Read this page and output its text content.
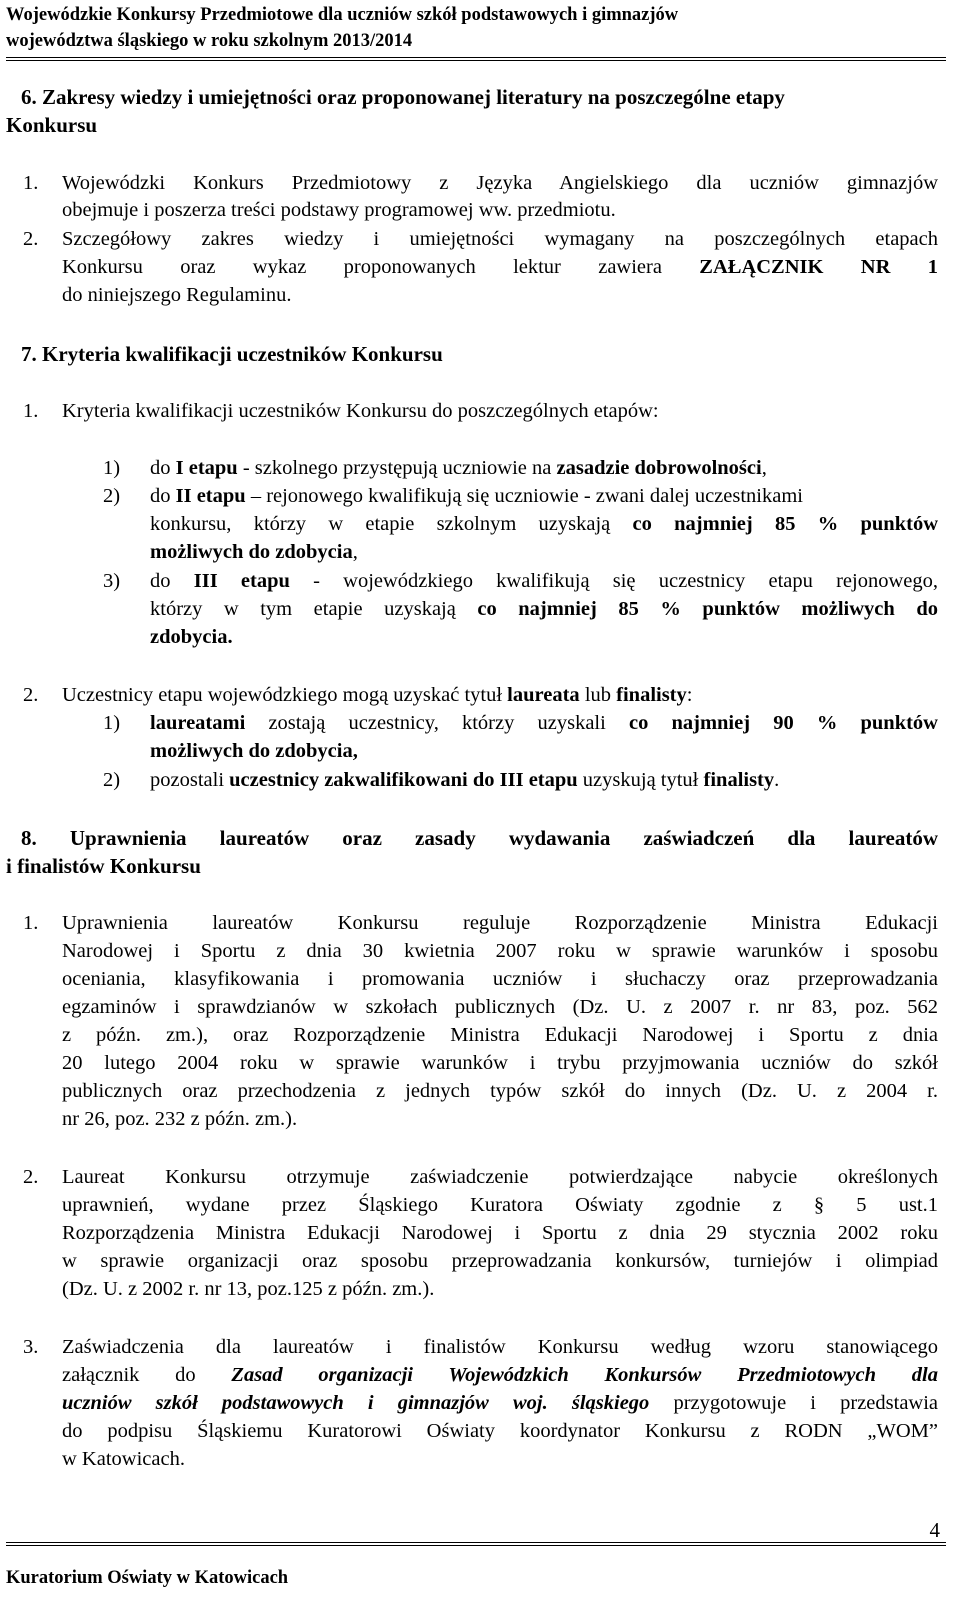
Wojewódzkie Konkursy Przedmiotowe dla uczniów szkół podstawowych i gimnazjów
województwa śląskiego w roku szkolnym 2013/2014
6. Zakresy wiedzy i umiejętności oraz proponowanej literatury na poszczególne etapy
Konkursu
1. Wojewódzki Konkurs Przedmiotowy z Języka Angielskiego dla uczniów gimnazjów
obejmuje i poszerza treści podstawy programowej ww. przedmiotu.
2. Szczegółowy zakres wiedzy i umiejętności wymagany na poszczególnych etapach
Konkursu oraz wykaz proponowanych lektur zawiera ZAŁĄCZNIK NR 1
do niniejszego Regulaminu.
7. Kryteria kwalifikacji uczestników Konkursu
1. Kryteria kwalifikacji uczestników Konkursu do poszczególnych etapów:
1) do I etapu - szkolnego przystępują uczniowie na zasadzie dobrowolności,
2) do II etapu – rejonowego kwalifikują się uczniowie - zwani dalej uczestnikami
konkursu, którzy w etapie szkolnym uzyskają co najmniej 85 % punktów
możliwych do zdobycia,
3) do III etapu - wojewódzkiego kwalifikują się uczestnicy etapu rejonowego,
którzy w tym etapie uzyskają co najmniej 85 % punktów możliwych do
zdobycia.
2. Uczestnicy etapu wojewódzkiego mogą uzyskać tytuł laureata lub finalisty:
1) laureatami zostają uczestnicy, którzy uzyskali co najmniej 90 % punktów
możliwych do zdobycia,
2) pozostali uczestnicy zakwalifikowani do III etapu uzyskują tytuł finalisty.
8. Uprawnienia laureatów oraz zasady wydawania zaświadczeń dla laureatów
i finalistów Konkursu
1. Uprawnienia laureatów Konkursu reguluje Rozporządzenie Ministra Edukacji
Narodowej i Sportu z dnia 30 kwietnia 2007 roku w sprawie warunków i sposobu
oceniania, klasyfikowania i promowania uczniów i słuchaczy oraz przeprowadzania
egzaminów i sprawdzianów w szkołach publicznych (Dz. U. z 2007 r. nr 83, poz. 562
z późn. zm.), oraz Rozporządzenie Ministra Edukacji Narodowej i Sportu z dnia
20 lutego 2004 roku w sprawie warunków i trybu przyjmowania uczniów do szkół
publicznych oraz przechodzenia z jednych typów szkół do innych (Dz. U. z 2004 r.
nr 26, poz. 232 z późn. zm.).
2. Laureat Konkursu otrzymuje zaświadczenie potwierdzające nabycie określonych
uprawnień, wydane przez Śląskiego Kuratora Oświaty zgodnie z § 5 ust.1
Rozporządzenia Ministra Edukacji Narodowej i Sportu z dnia 29 stycznia 2002 roku
w sprawie organizacji oraz sposobu przeprowadzania konkursów, turniejów i olimpiad
(Dz. U. z 2002 r. nr 13, poz.125 z późn. zm.).
3. Zaświadczenia dla laureatów i finalistów Konkursu według wzoru stanowiącego
załącznik do Zasad organizacji Wojewódzkich Konkursów Przedmiotowych dla
uczniów szkół podstawowych i gimnazjów woj. śląskiego przygotowuje i przedstawia
do podpisu Śląskiemu Kuratorowi Oświaty koordynator Konkursu z RODN „WOM”
w Katowicach.
4
Kuratorium Oświaty w Katowicach
